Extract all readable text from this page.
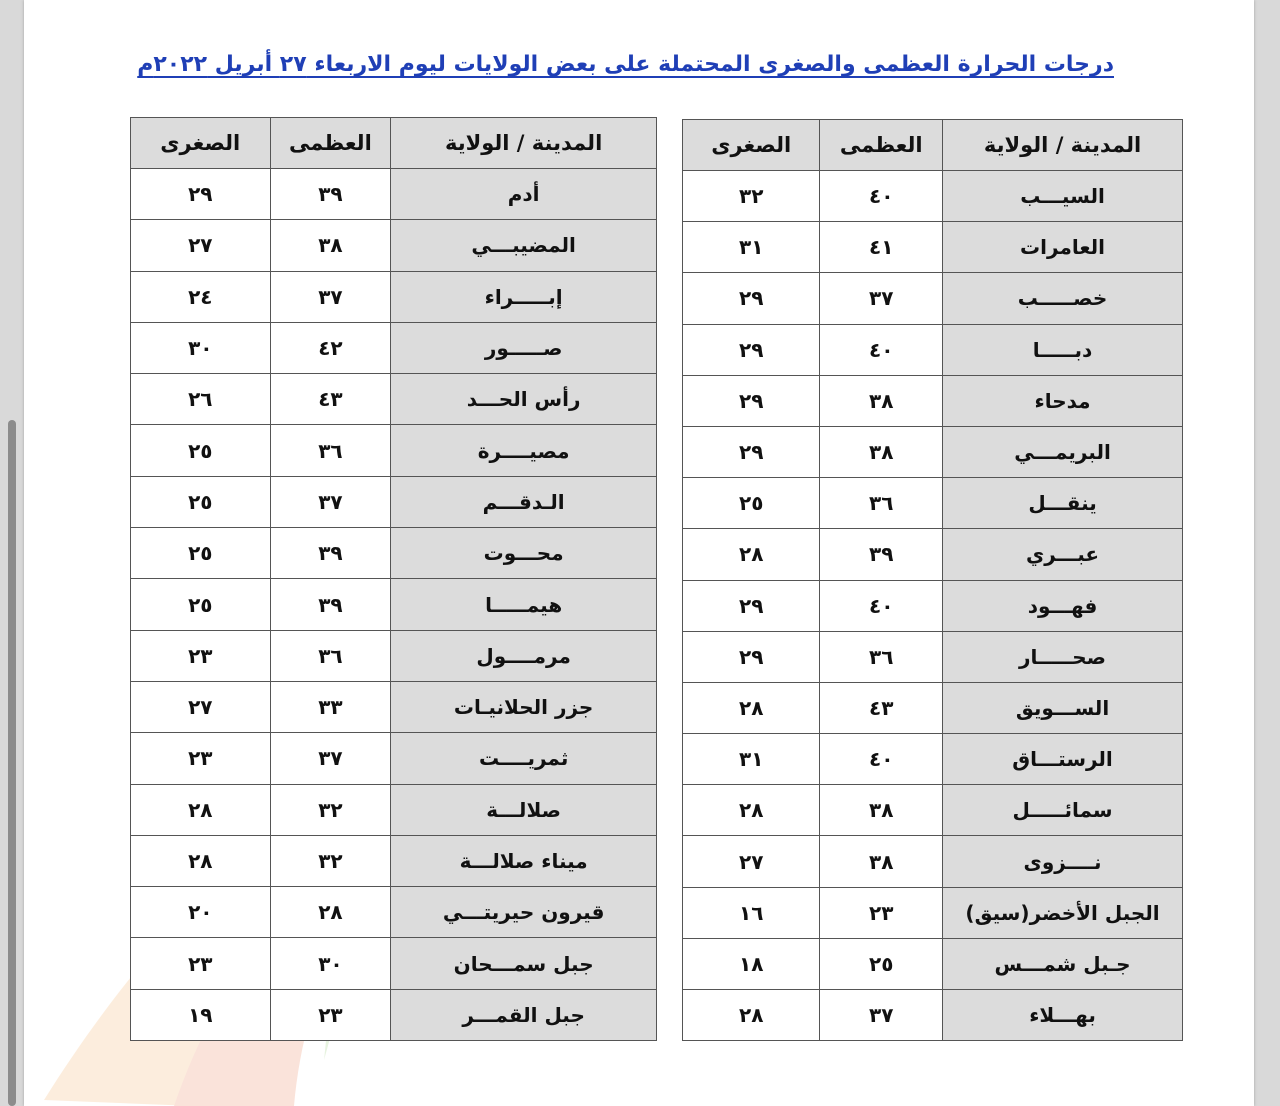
درجات الحرارة العظمى والصغرى المحتملة على بعض الولايات ليوم الاربعاء ٢٧ أبريل ٢٠٢٢م
المدينة / الولاية	العظمى	الصغرى
السيـــب	٤٠	٣٢
العامرات	٤١	٣١
خصـــــب	٣٧	٢٩
دبـــــا	٤٠	٢٩
مدحاء	٣٨	٢٩
البريمـــي	٣٨	٢٩
ينقـــل	٣٦	٢٥
عبـــري	٣٩	٢٨
فهـــود	٤٠	٢٩
صحـــــار	٣٦	٢٩
الســـويق	٤٣	٢٨
الرستـــاق	٤٠	٣١
سمائـــــل	٣٨	٢٨
نــــزوى	٣٨	٢٧
الجبل الأخضر(سيق)	٢٣	١٦
جـبل شمـــس	٢٥	١٨
بهـــلاء	٣٧	٢٨
المدينة / الولاية	العظمى	الصغرى
أدم	٣٩	٢٩
المضيبـــي	٣٨	٢٧
إبـــــراء	٣٧	٢٤
صـــــور	٤٢	٣٠
رأس الحـــد	٤٣	٢٦
مصيــــرة	٣٦	٢٥
الـدقـــم	٣٧	٢٥
محـــوت	٣٩	٢٥
هيمـــــا	٣٩	٢٥
مرمــــول	٣٦	٢٣
جزر الحلانيـات	٣٣	٢٧
ثمريــــت	٣٧	٢٣
صلالـــة	٣٢	٢٨
ميناء صلالـــة	٣٢	٢٨
قيرون حيريتـــي	٢٨	٢٠
جبل سمـــحان	٣٠	٢٣
جبل القمـــر	٢٣	١٩
